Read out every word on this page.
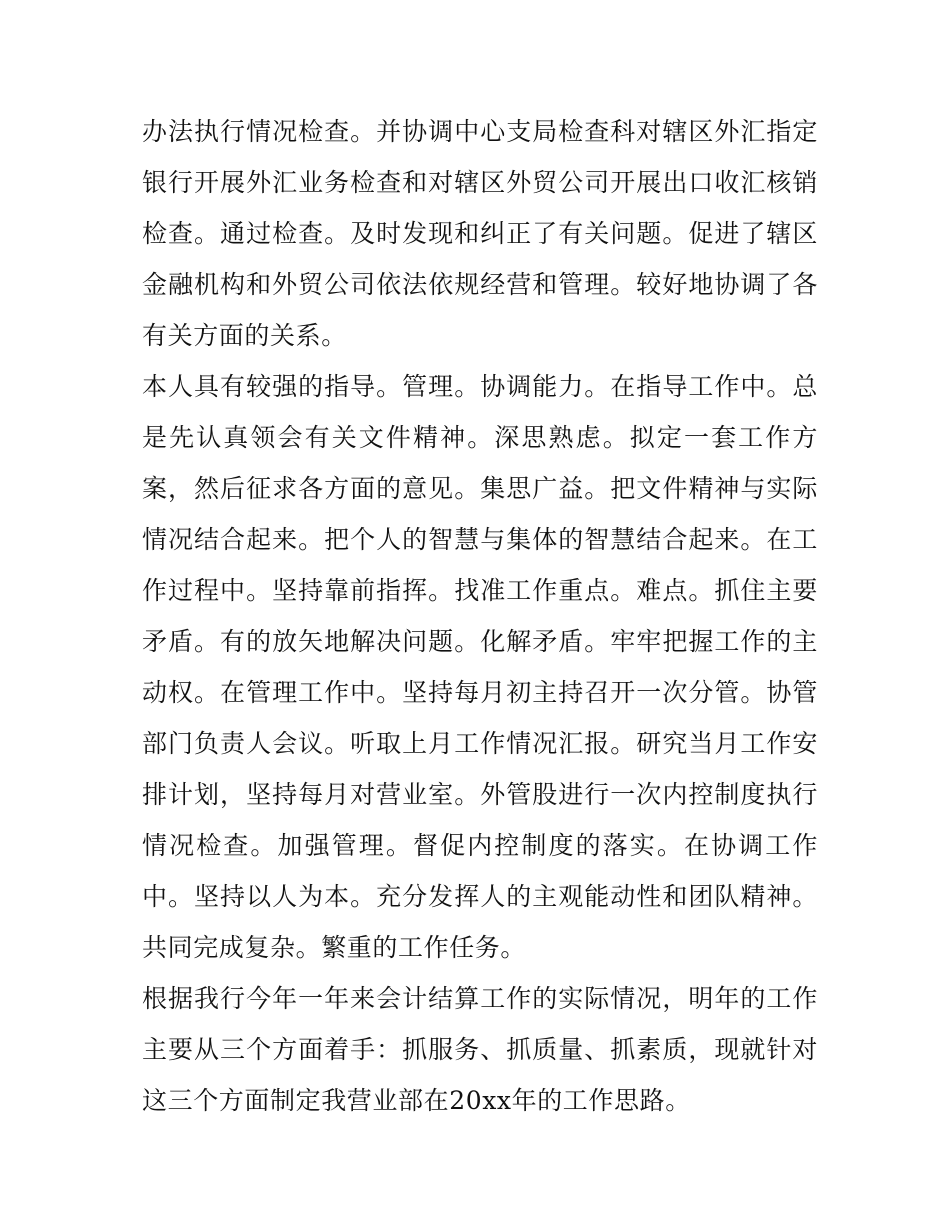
办法执行情况检查。并协调中心支局检查科对辖区外汇指定银行开展外汇业务检查和对辖区外贸公司开展出口收汇核销检查。通过检查。及时发现和纠正了有关问题。促进了辖区金融机构和外贸公司依法依规经营和管理。较好地协调了各有关方面的关系。

本人具有较强的指导。管理。协调能力。在指导工作中。总是先认真领会有关文件精神。深思熟虑。拟定一套工作方案，然后征求各方面的意见。集思广益。把文件精神与实际情况结合起来。把个人的智慧与集体的智慧结合起来。在工作过程中。坚持靠前指挥。找准工作重点。难点。抓住主要矛盾。有的放矢地解决问题。化解矛盾。牢牢把握工作的主动权。在管理工作中。坚持每月初主持召开一次分管。协管部门负责人会议。听取上月工作情况汇报。研究当月工作安排计划，坚持每月对营业室。外管股进行一次内控制度执行情况检查。加强管理。督促内控制度的落实。在协调工作中。坚持以人为本。充分发挥人的主观能动性和团队精神。共同完成复杂。繁重的工作任务。

根据我行今年一年来会计结算工作的实际情况，明年的工作主要从三个方面着手：抓服务、抓质量、抓素质，现就针对这三个方面制定我营业部在20xx年的工作思路。
